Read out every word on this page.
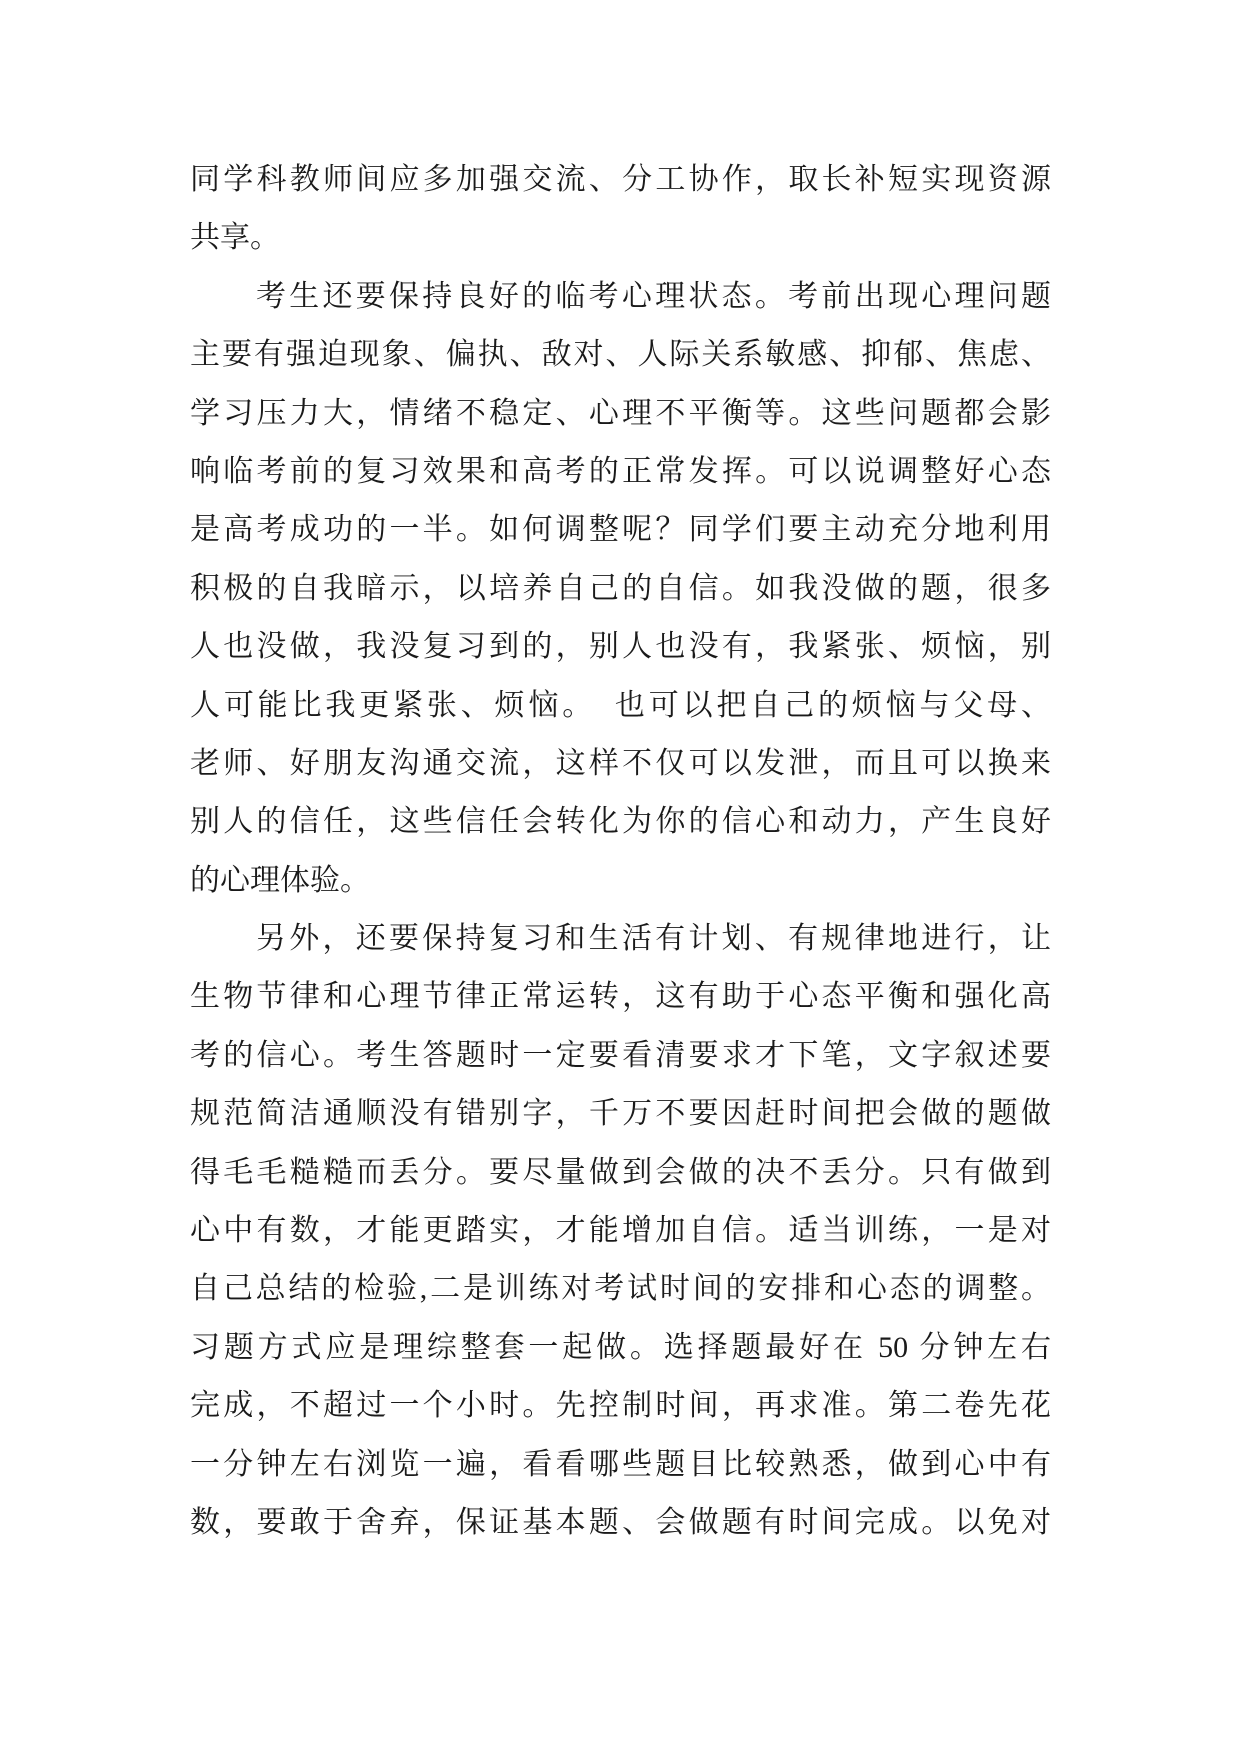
同学科教师间应多加强交流、分工协作，取长补短实现资源
共享。
考生还要保持良好的临考心理状态。考前出现心理问题
主要有强迫现象、偏执、敌对、人际关系敏感、抑郁、焦虑、
学习压力大，情绪不稳定、心理不平衡等。这些问题都会影
响临考前的复习效果和高考的正常发挥。可以说调整好心态
是高考成功的一半。如何调整呢？同学们要主动充分地利用
积极的自我暗示，以培养自己的自信。如我没做的题，很多
人也没做，我没复习到的，别人也没有，我紧张、烦恼，别
人可能比我更紧张、烦恼。　也可以把自己的烦恼与父母、
老师、好朋友沟通交流，这样不仅可以发泄，而且可以换来
别人的信任，这些信任会转化为你的信心和动力，产生良好
的心理体验。
另外，还要保持复习和生活有计划、有规律地进行，让
生物节律和心理节律正常运转，这有助于心态平衡和强化高
考的信心。考生答题时一定要看清要求才下笔，文字叙述要
规范简洁通顺没有错别字，千万不要因赶时间把会做的题做
得毛毛糙糙而丢分。要尽量做到会做的决不丢分。只有做到
心中有数，才能更踏实，才能增加自信。适当训练，一是对
自己总结的检验,二是训练对考试时间的安排和心态的调整。
习题方式应是理综整套一起做。选择题最好在 50 分钟左右
完成，不超过一个小时。先控制时间，再求准。第二卷先花
一分钟左右浏览一遍，看看哪些题目比较熟悉，做到心中有
数，要敢于舍弃，保证基本题、会做题有时间完成。以免对
